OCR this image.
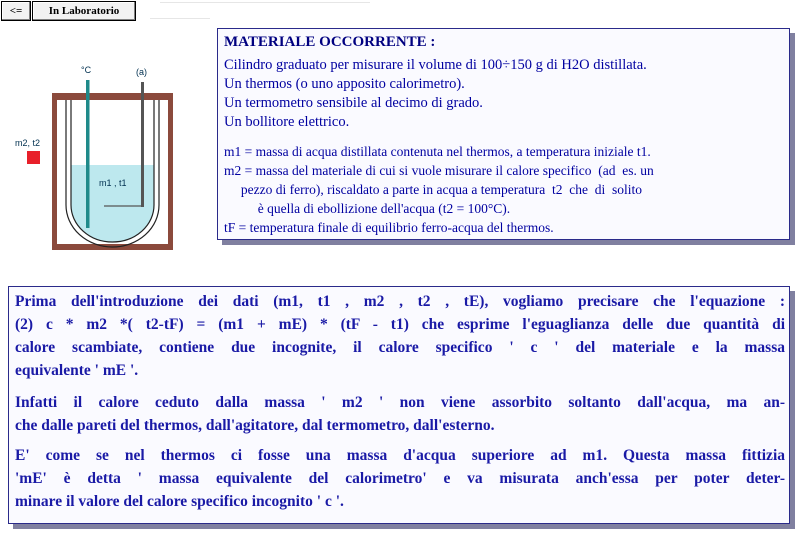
<=	In Laboratorio
°C	(a)
m2, t2
m1 , t1
MATERIALE OCCORRENTE :
Cilindro graduato per misurare il volume di 100÷150 g di H2O distillata.
Un thermos (o uno apposito calorimetro).
Un termometro sensibile al decimo di grado.
Un bollitore elettrico.
m1 = massa di acqua distillata contenuta nel thermos, a temperatura iniziale t1.
m2 = massa del materiale di cui si vuole misurare il calore specifico  (ad  es. un
pezzo di ferro), riscaldato a parte in acqua a temperatura  t2  che  di  solito
è quella di ebollizione dell'acqua (t2 = 100°C).
tF = temperatura finale di equilibrio ferro-acqua del thermos.
Prima dell'introduzione dei dati (m1, t1 , m2 , t2 , tE), vogliamo precisare che l'equazione :
(2) c * m2 *( t2-tF) = (m1 + mE) * (tF - t1) che esprime l'eguaglianza delle due quantità di
calore scambiate, contiene due incognite, il calore specifico ' c ' del materiale e la massa
equivalente ' mE '.
Infatti il calore ceduto dalla massa ' m2 ' non viene assorbito soltanto dall'acqua, ma an-
che dalle pareti del thermos, dall'agitatore, dal termometro, dall'esterno.
E' come se nel thermos ci fosse una massa d'acqua superiore ad m1. Questa massa fittizia
'mE' è detta ' massa equivalente del calorimetro' e va misurata anch'essa per poter deter-
minare il valore del calore specifico incognito ' c '.
